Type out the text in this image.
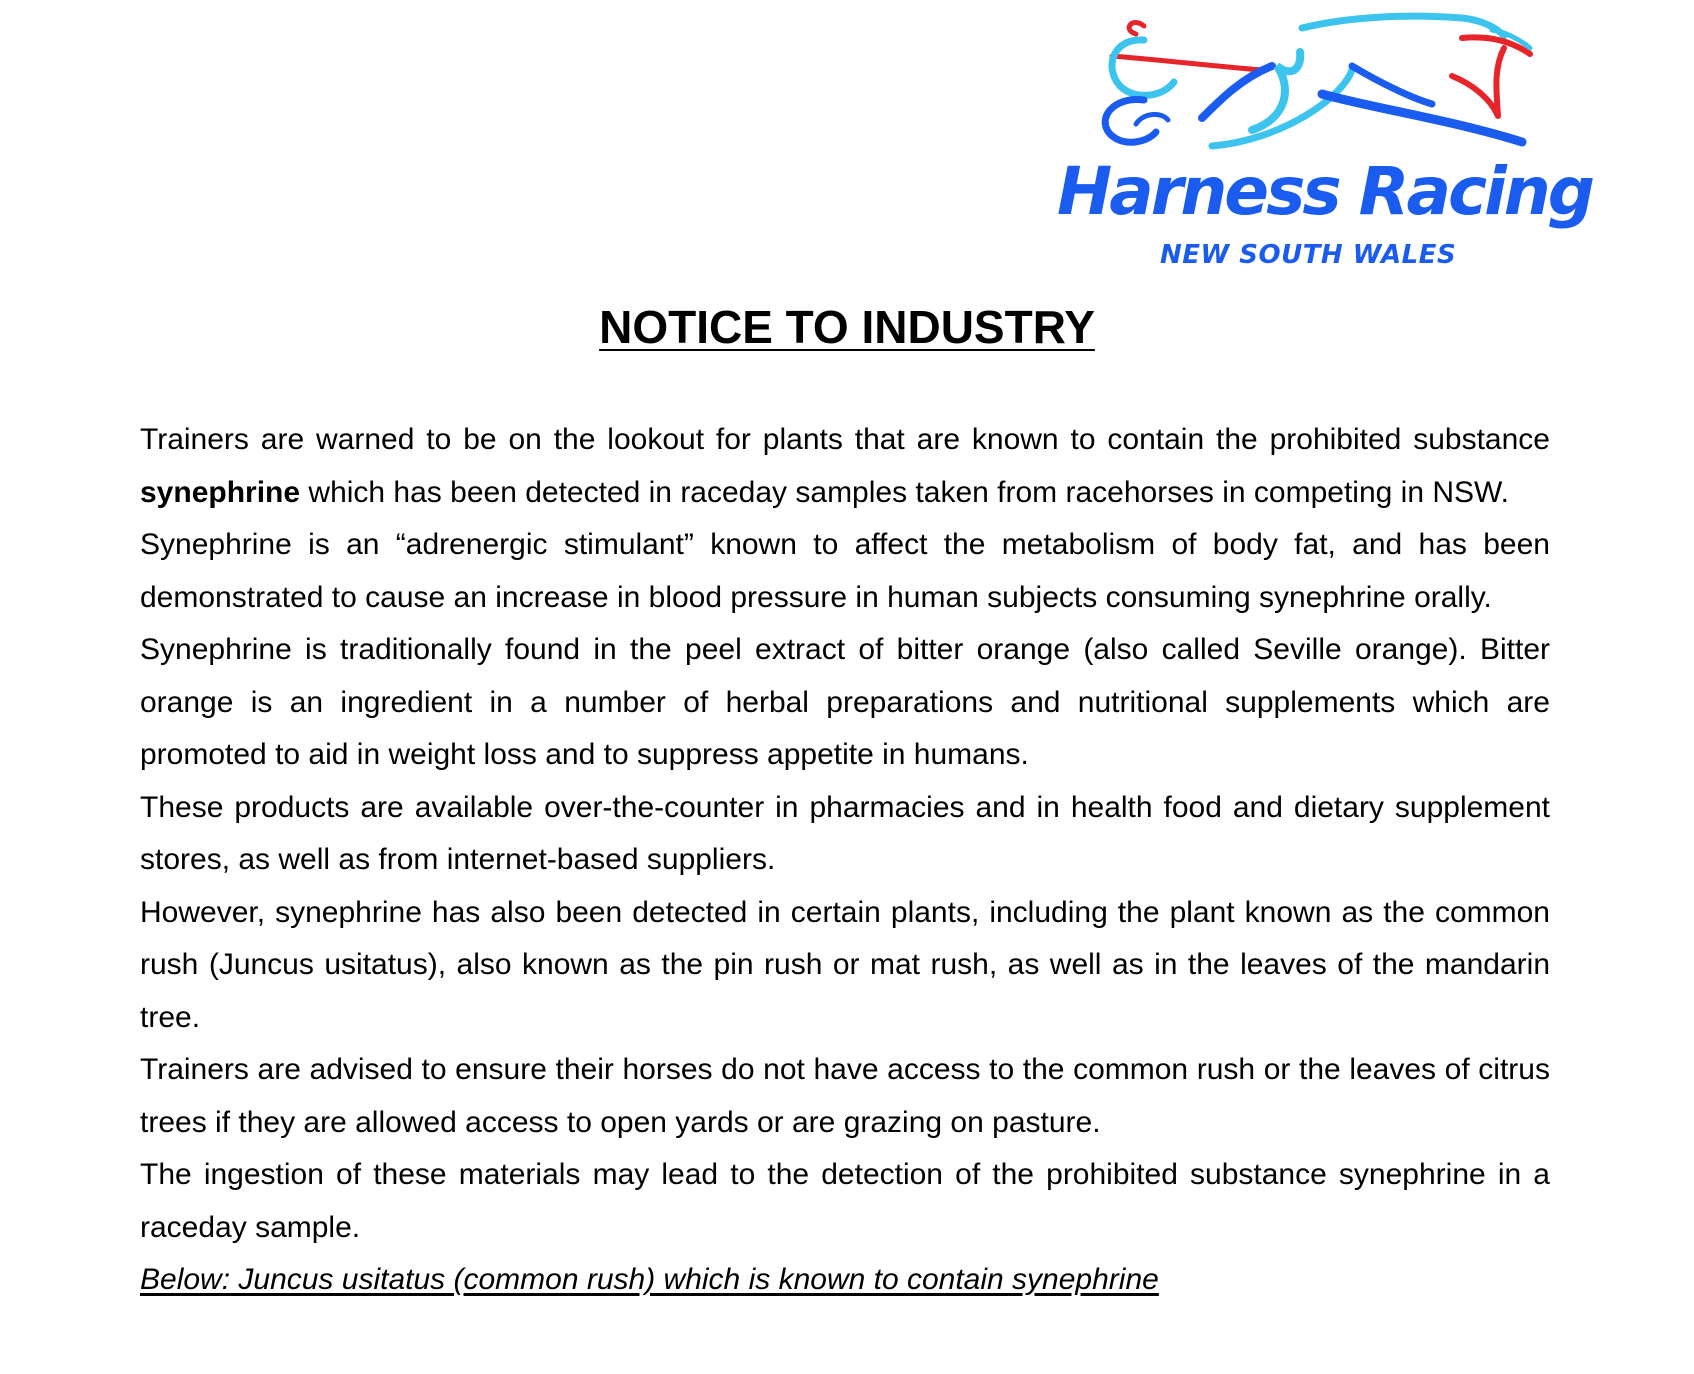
Harness Racing
NEW SOUTH WALES
NOTICE TO INDUSTRY

Trainers are warned to be on the lookout for plants that are known to contain the prohibited substance synephrine which has been detected in raceday samples taken from racehorses in competing in NSW.

Synephrine is an “adrenergic stimulant” known to affect the metabolism of body fat, and has been demonstrated to cause an increase in blood pressure in human subjects consuming synephrine orally.

Synephrine is traditionally found in the peel extract of bitter orange (also called Seville orange). Bitter orange is an ingredient in a number of herbal preparations and nutritional supplements which are promoted to aid in weight loss and to suppress appetite in humans.

These products are available over-the-counter in pharmacies and in health food and dietary supplement stores, as well as from internet-based suppliers.

However, synephrine has also been detected in certain plants, including the plant known as the common rush (Juncus usitatus), also known as the pin rush or mat rush, as well as in the leaves of the mandarin tree.

Trainers are advised to ensure their horses do not have access to the common rush or the leaves of citrus trees if they are allowed access to open yards or are grazing on pasture.

The ingestion of these materials may lead to the detection of the prohibited substance synephrine in a raceday sample.

Below: Juncus usitatus (common rush) which is known to contain synephrine
